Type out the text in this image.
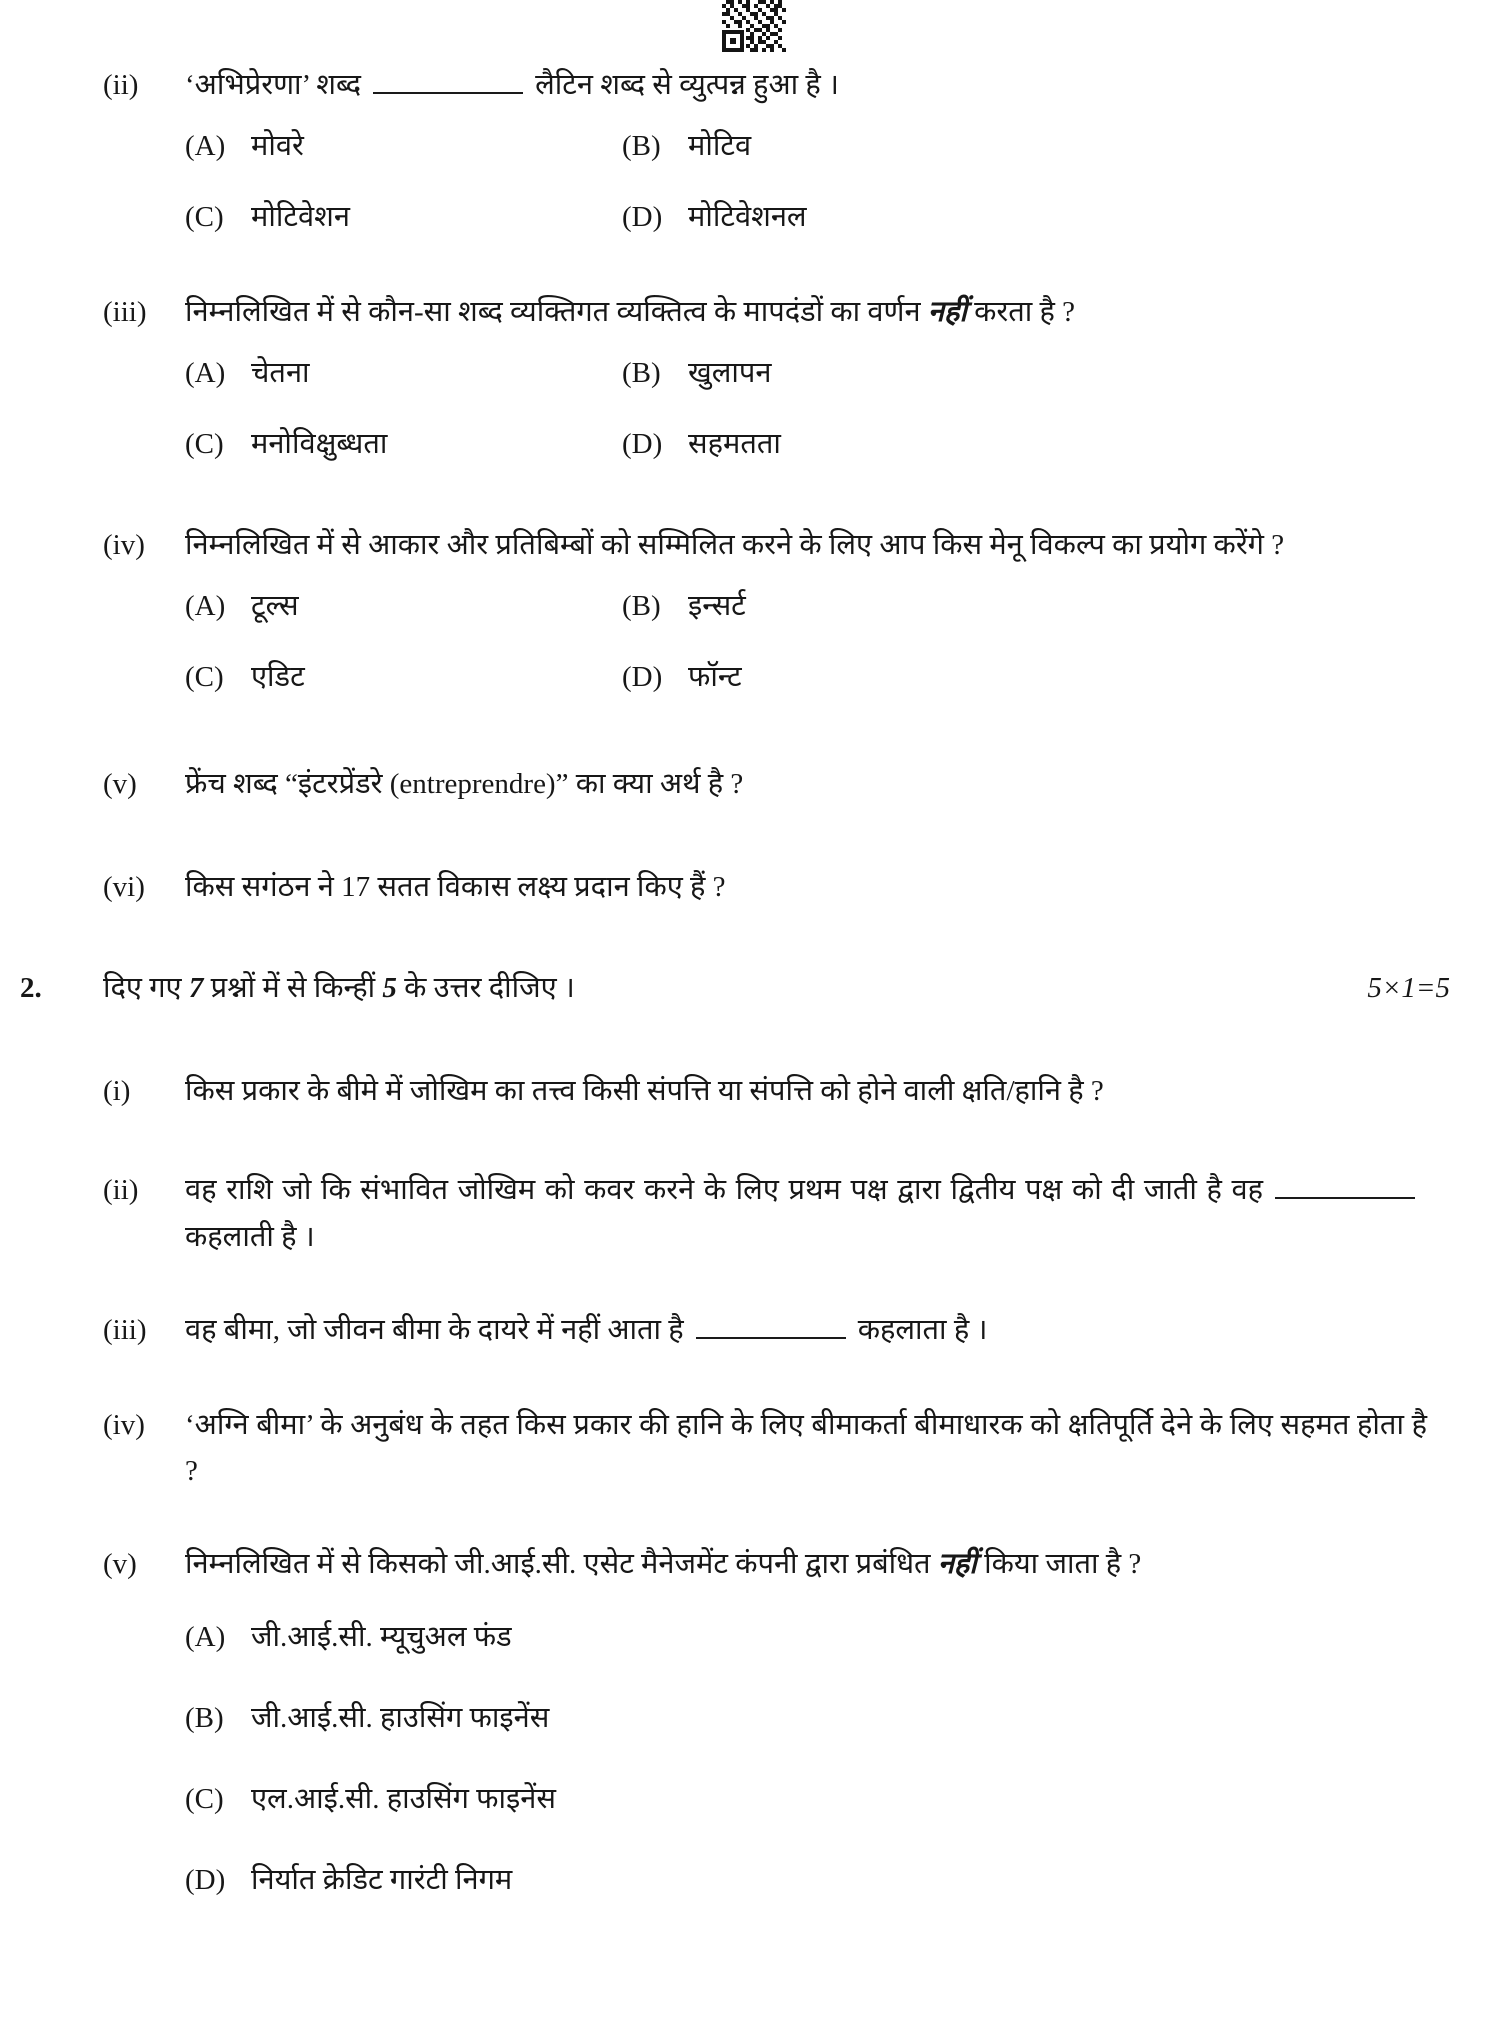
(ii)	‘अभिप्रेरणा’ शब्द	लैटिन शब्द से व्युत्पन्न हुआ है ।
(A) मोवरे	(B) मोटिव
(C) मोटिवेशन	(D) मोटिवेशनल
(iii)	निम्नलिखित में से कौन-सा शब्द व्यक्तिगत व्यक्तित्व के मापदंडों का वर्णन नहीं करता है ?
(A) चेतना	(B) खुलापन
(C) मनोविक्षुब्धता	(D) सहमतता
(iv)	निम्नलिखित में से आकार और प्रतिबिम्बों को सम्मिलित करने के लिए आप किस मेनू विकल्प का प्रयोग करेंगे ?
(A) टूल्स	(B) इन्सर्ट
(C) एडिट	(D) फॉन्ट
(v)	फ्रेंच शब्द “इंटरप्रेंडरे (entreprendre)” का क्या अर्थ है ?
(vi)	किस सगंठन ने 17 सतत विकास लक्ष्य प्रदान किए हैं ?
2.	दिए गए 7 प्रश्नों में से किन्हीं 5 के उत्तर दीजिए ।	5×1=5
(i)	किस प्रकार के बीमे में जोखिम का तत्त्व किसी संपत्ति या संपत्ति को होने वाली क्षति/हानि है ?
(ii)	वह राशि जो कि संभावित जोखिम को कवर करने के लिए प्रथम पक्ष द्वारा द्वितीय पक्ष को दी जाती है वहकहलाती है ।
(iii)	वह बीमा, जो जीवन बीमा के दायरे में नहीं आता है	कहलाता है ।
(iv)	‘अग्नि बीमा’ के अनुबंध के तहत किस प्रकार की हानि के लिए बीमाकर्ता बीमाधारक को क्षतिपूर्ति देने के लिए सहमत होता है ?
(v)	निम्नलिखित में से किसको जी.आई.सी. एसेट मैनेजमेंट कंपनी द्वारा प्रबंधित नहीं किया जाता है ?
(A) जी.आई.सी. म्यूचुअल फंड
(B) जी.आई.सी. हाउसिंग फाइनेंस
(C) एल.आई.सी. हाउसिंग फाइनेंस
(D) निर्यात क्रेडिट गारंटी निगम
